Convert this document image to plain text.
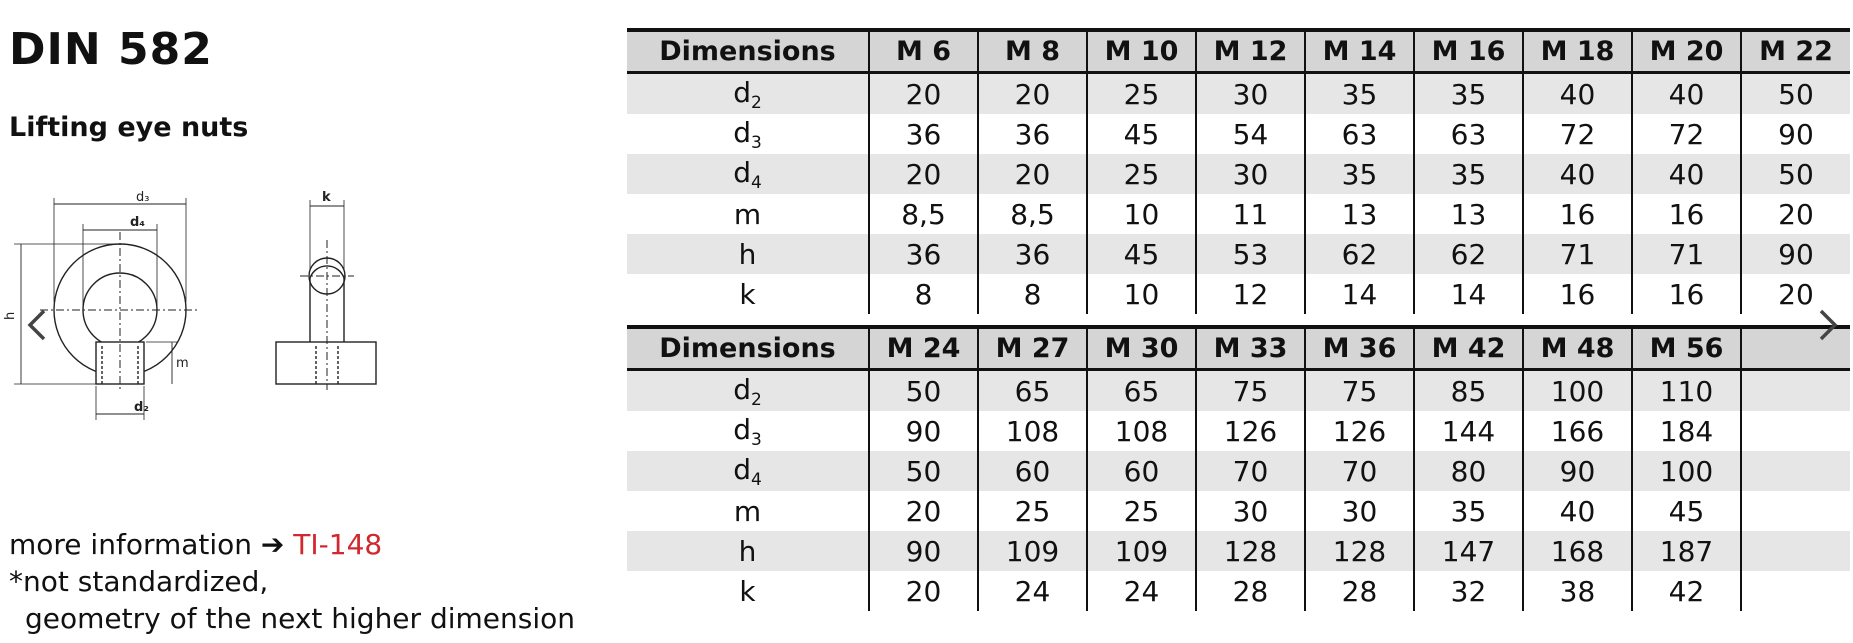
DIN 582
Lifting eye nuts
d₃
d₄
d₂
h
m
k
more information ➔ TI-148
*not standardized,
geometry of the next higher dimension
Dimensions	M 6	M 8	M 10	M 12	M 14	M 16	M 18	M 20	M 22
$d_2$	20	20	25	30	35	35	40	40	50
$d_3$	36	36	45	54	63	63	72	72	90
$d_4$	20	20	25	30	35	35	40	40	50
m	8,5	8,5	10	11	13	13	16	16	20
h	36	36	45	53	62	62	71	71	90
k	8	8	10	12	14	14	16	16	20
Dimensions	M 24	M 27	M 30	M 33	M 36	M 42	M 48	M 56	
$d_2$	50	65	65	75	75	85	100	110	
$d_3$	90	108	108	126	126	144	166	184	
$d_4$	50	60	60	70	70	80	90	100	
m	20	25	25	30	30	35	40	45	
h	90	109	109	128	128	147	168	187	
k	20	24	24	28	28	32	38	42	
